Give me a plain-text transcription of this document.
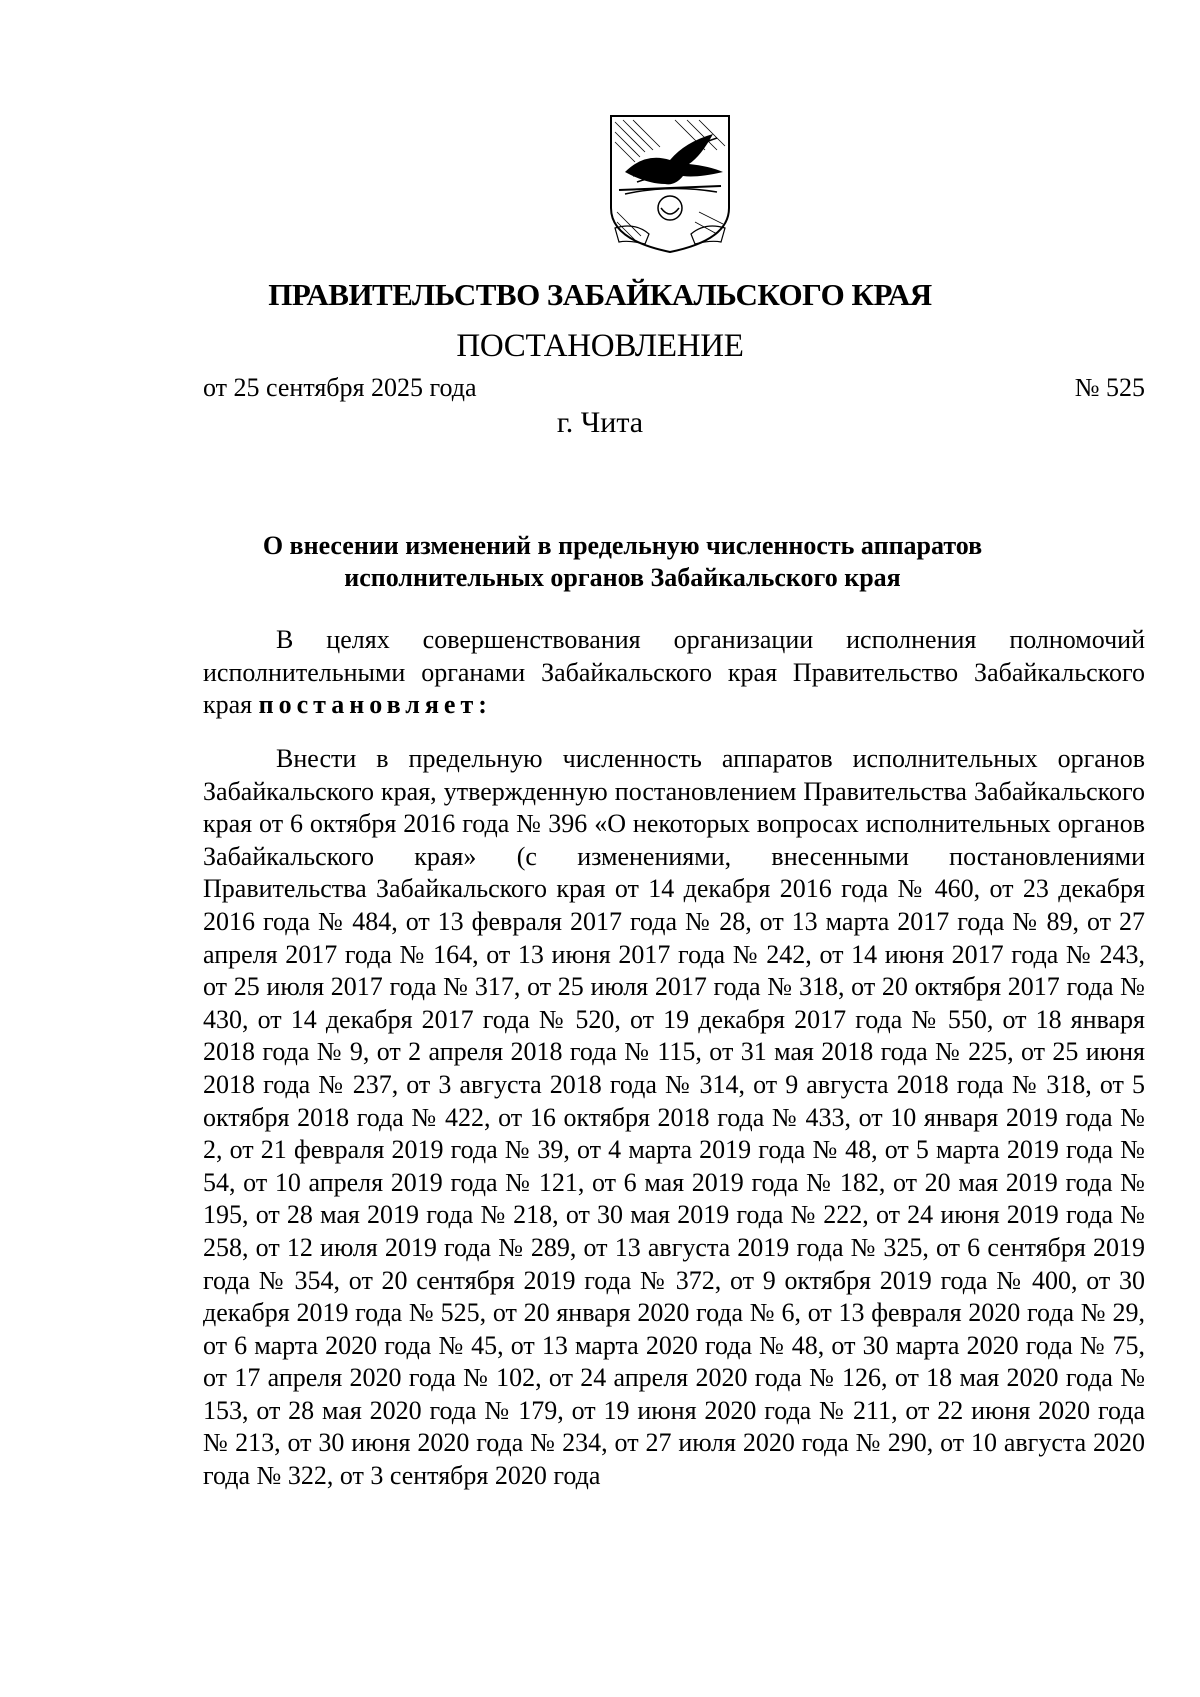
ПРАВИТЕЛЬСТВО ЗАБАЙКАЛЬСКОГО КРАЯ
ПОСТАНОВЛЕНИЕ
от 25 сентября 2025 года	№ 525
г. Чита
О внесении изменений в предельную численность аппаратов
исполнительных органов Забайкальского края

В целях совершенствования организации исполнения полномочий исполнительными органами Забайкальского края Правительство Забайкальского края постановляет:

Внести в предельную численность аппаратов исполнительных органов Забайкальского края, утвержденную постановлением Правительства Забайкальского края от 6 октября 2016 года № 396 «О некоторых вопросах исполнительных органов Забайкальского края» (с изменениями, внесенными постановлениями Правительства Забайкальского края от 14 декабря 2016 года № 460, от 23 декабря 2016 года № 484, от 13 февраля 2017 года № 28, от 13 марта 2017 года № 89, от 27 апреля 2017 года № 164, от 13 июня 2017 года № 242, от 14 июня 2017 года № 243, от 25 июля 2017 года № 317, от 25 июля 2017 года № 318, от 20 октября 2017 года № 430, от 14 декабря 2017 года № 520, от 19 декабря 2017 года № 550, от 18 января 2018 года № 9, от 2 апреля 2018 года № 115, от 31 мая 2018 года № 225, от 25 июня 2018 года № 237, от 3 августа 2018 года № 314, от 9 августа 2018 года № 318, от 5 октября 2018 года № 422, от 16 октября 2018 года № 433, от 10 января 2019 года № 2, от 21 февраля 2019 года № 39, от 4 марта 2019 года № 48, от 5 марта 2019 года № 54, от 10 апреля 2019 года № 121, от 6 мая 2019 года № 182, от 20 мая 2019 года № 195, от 28 мая 2019 года № 218, от 30 мая 2019 года № 222, от 24 июня 2019 года № 258, от 12 июля 2019 года № 289, от 13 августа 2019 года № 325, от 6 сентября 2019 года № 354, от 20 сентября 2019 года № 372, от 9 октября 2019 года № 400, от 30 декабря 2019 года № 525, от 20 января 2020 года № 6, от 13 февраля 2020 года № 29, от 6 марта 2020 года № 45, от 13 марта 2020 года № 48, от 30 марта 2020 года № 75, от 17 апреля 2020 года № 102, от 24 апреля 2020 года № 126, от 18 мая 2020 года № 153, от 28 мая 2020 года № 179, от 19 июня 2020 года № 211, от 22 июня 2020 года № 213, от 30 июня 2020 года № 234, от 27 июля 2020 года № 290, от 10 августа 2020 года № 322, от 3 сентября 2020 года
